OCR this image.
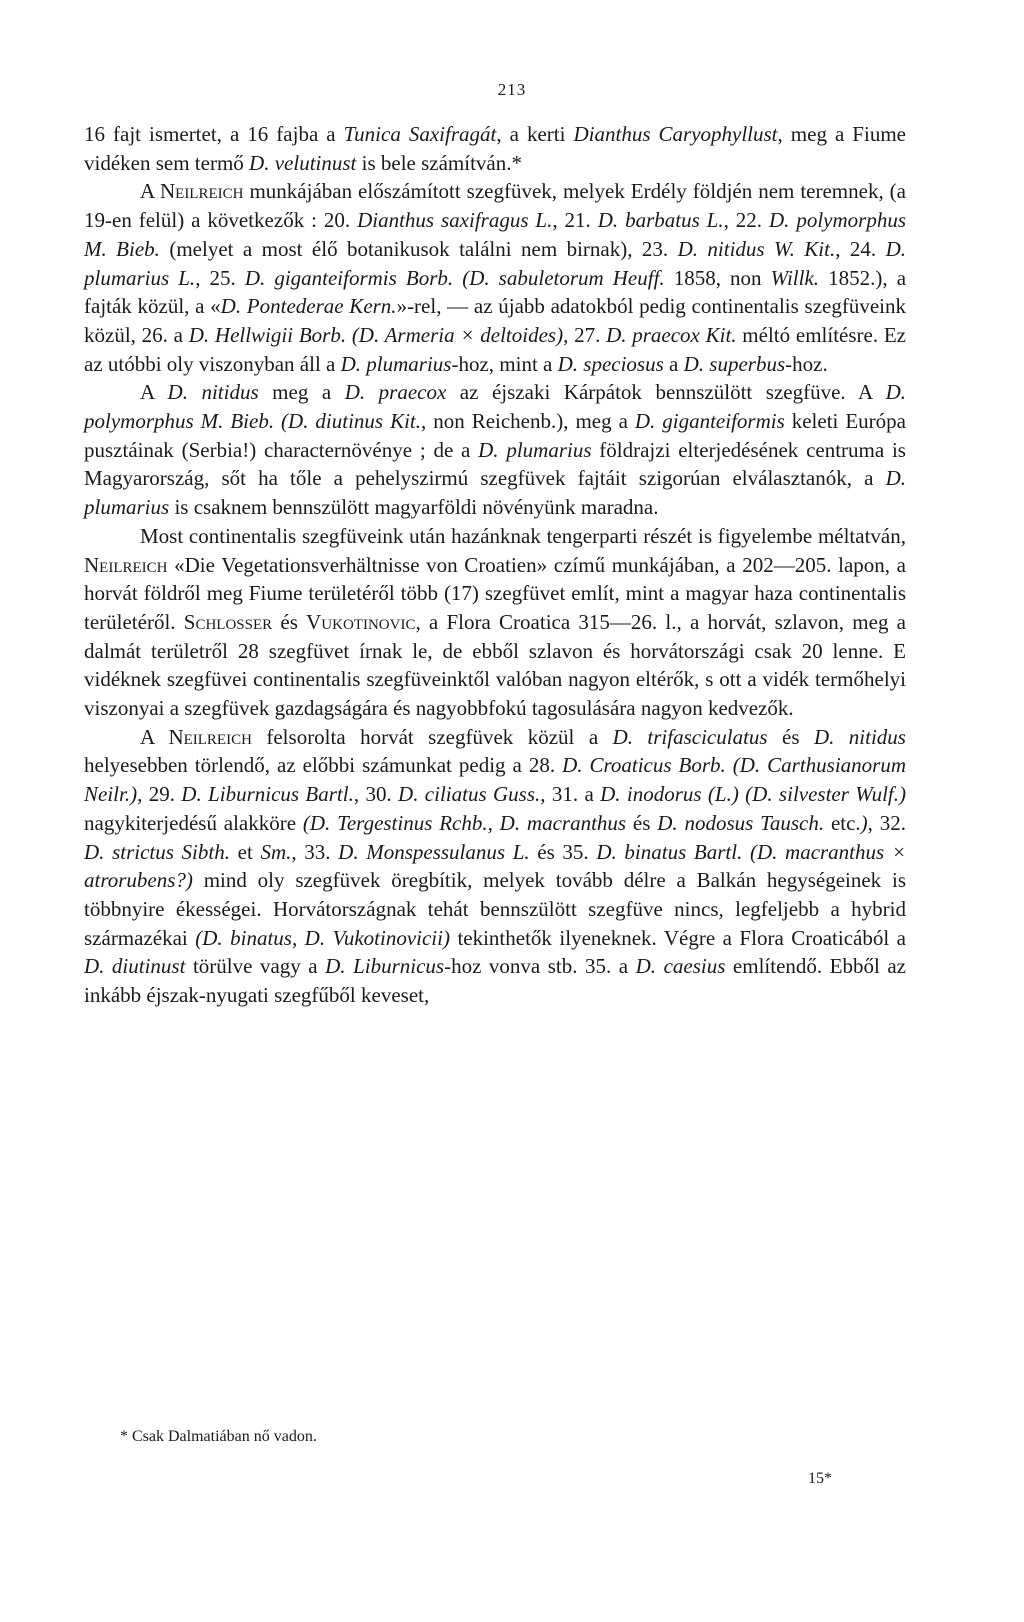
213

16 fajt ismertet, a 16 fajba a Tunica Saxifragát, a kerti Dianthus Caryophyllust, meg a Fiume vidéken sem termő D. velutinust is bele számítván.*

A Neilreich munkájában előszámított szegfüvek, melyek Erdély földjén nem teremnek, (a 19-en felül) a következők : 20. Dianthus saxifragus L., 21. D. barbatus L., 22. D. polymorphus M. Bieb. (melyet a most élő botanikusok találni nem birnak), 23. D. nitidus W. Kit., 24. D. plumarius L., 25. D. giganteiformis Borb. (D. sabuletorum Heuff. 1858, non Willk. 1852.), a fajták közül, a «D. Pontederae Kern.»-rel, — az újabb adatokból pedig continentalis szegfüveink közül, 26. a D. Hellwigii Borb. (D. Armeria × deltoides), 27. D. praecox Kit. méltó említésre. Ez az utóbbi oly viszonyban áll a D. plumarius-hoz, mint a D. speciosus a D. superbus-hoz.

A D. nitidus meg a D. praecox az éjszaki Kárpátok bennszülött szegfüve. A D. polymorphus M. Bieb. (D. diutinus Kit., non Reichenb.), meg a D. giganteiformis keleti Európa pusztáinak (Serbia!) characternövénye ; de a D. plumarius földrajzi elterjedésének centruma is Magyarország, sőt ha tőle a pehelyszirmú szegfüvek fajtáit szigorúan elválasztanók, a D. plumarius is csaknem bennszülött magyarföldi növényünk maradna.

Most continentalis szegfüveink után hazánknak tengerparti részét is figyelembe méltatván, Neilreich «Die Vegetationsverhältnisse von Croatien» czímű munkájában, a 202—205. lapon, a horvát földről meg Fiume területéről több (17) szegfüvet említ, mint a magyar haza continentalis területéről. Schlosser és Vukotinovic, a Flora Croatica 315—26. l., a horvát, szlavon, meg a dalmát területről 28 szegfüvet írnak le, de ebből szlavon és horvátországi csak 20 lenne. E vidéknek szegfüvei continentalis szegfüveinktől valóban nagyon eltérők, s ott a vidék termőhelyi viszonyai a szegfüvek gazdagságára és nagyobbfokú tagosulására nagyon kedvezők.

A Neilreich felsorolta horvát szegfüvek közül a D. trifasciculatus és D. nitidus helyesebben törlendő, az előbbi számunkat pedig a 28. D. Croaticus Borb. (D. Carthusianorum Neilr.), 29. D. Liburnicus Bartl., 30. D. ciliatus Guss., 31. a D. inodorus (L.) (D. silvester Wulf.) nagykiterjedésű alakköre (D. Tergestinus Rchb., D. macranthus és D. nodosus Tausch. etc.), 32. D. strictus Sibth. et Sm., 33. D. Monspessulanus L. és 35. D. binatus Bartl. (D. macranthus × atrorubens?) mind oly szegfüvek öregbítik, melyek tovább délre a Balkán hegységeinek is többnyire ékességei. Horvátországnak tehát bennszülött szegfüve nincs, legfeljebb a hybrid származékai (D. binatus, D. Vukotinovicii) tekinthetők ilyeneknek. Végre a Flora Croaticából a D. diutinust törülve vagy a D. Liburnicus-hoz vonva stb. 35. a D. caesius említendő. Ebből az inkább éjszak-nyugati szegfűből keveset,

* Csak Dalmatiában nő vadon.
15*
